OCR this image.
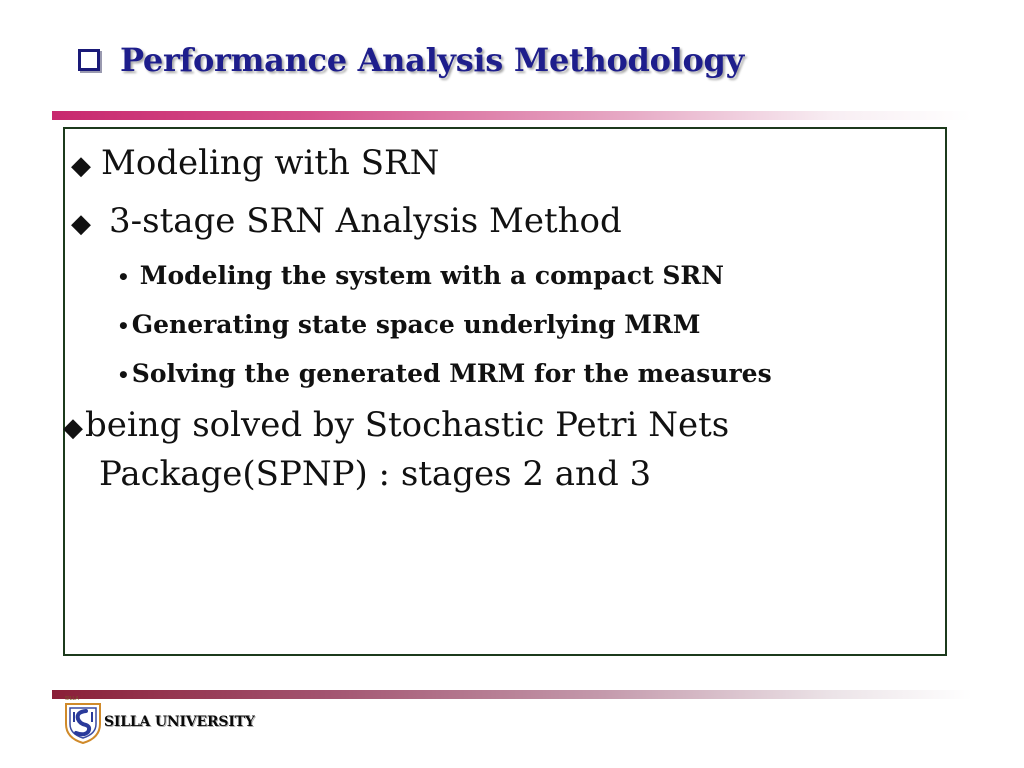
Performance Analysis Methodology
◆ Modeling with SRN
◆ 3-stage SRN Analysis Method
• Modeling the system with a compact SRN
•Generating state space underlying MRM
•Solving the generated MRM for the measures
◆being solved by Stochastic Petri Nets
Package(SPNP) : stages 2 and 3
SILLA
SILLA UNIVERSITY
